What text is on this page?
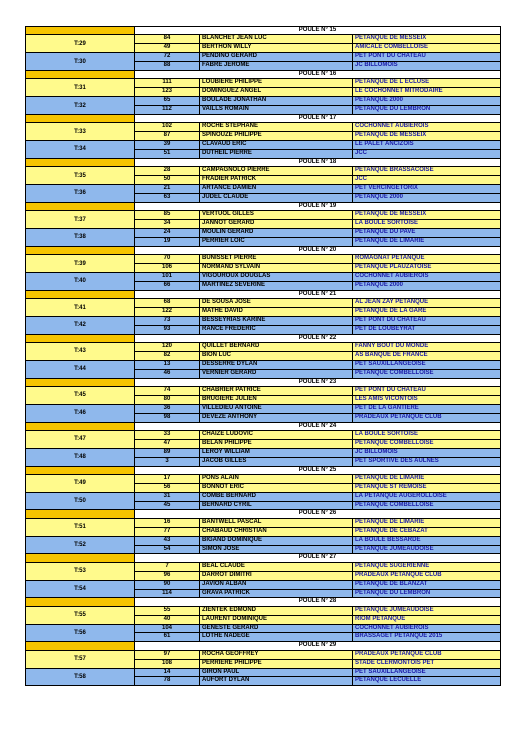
POULE N° 15
T:29
84	BLANCHET JEAN LUC	PETANQUE DE MESSEIX
49	BERTHON WILLY	AMICALE COMBELLOISE
T:30
72	PENDINO GERARD	PET PONT DU CHATEAU
88	FABRE JÉROME	JC BILLOMOIS
POULE N° 16
T:31
111	LOUBIERE PHILIPPE	PETANQUE DE L ECLUSE
123	DOMINGUEZ ANGEL	LE COCHONNET MITRODAIRE
T:32
65	BOULADE JONATHAN	PETANQUE 2000
112	VAILLS ROMAIN	PETANQUE DU LEMBRON
POULE N° 17
T:33
102	ROCHE STÉPHANE	COCHONNET AUBIEROIS
87	SPINOUZE PHILIPPE	PETANQUE DE MESSEIX
T:34
39	CLAVAUD ERIC	LE PALET ANCIZOIS
51	DUTHEIL PIERRE	JCC
POULE N° 18
T:35
28	CAMPAGNOLO PIERRE	PETANQUE BRASSACOISE
50	FRADIER PATRICK	JCC
T:36
21	ARTANCE DAMIEN	PET VERCINGETORIX
63	JUDEL CLAUDE	PETANQUE 2000
POULE N° 19
T:37
85	VERTUOL GILLES	PETANQUE DE MESSEIX
34	JANNOT GÉRARD	LA BOULE SORTOISE
T:38
24	MOULIN GÉRARD	PETANQUE DU PAVE
19	PERRIER LOÏC	PETANQUE DE LIMARIE
POULE N° 20
T:39
70	BUNISSET PIERRE	ROMAGNAT PETANQUE
106	NORMAND SYLVAIN	PETANQUE PLAUZATOISE
T:40
101	VIGOUROUX DOUGLAS	COCHONNET AUBIEROIS
66	MARTINEZ SÉVERINE	PETANQUE 2000
POULE N° 21
T:41
68	DE SOUSA JOSÉ	AL JEAN ZAY PETANQUE
122	MATHE DAVID	PETANQUE DE LA GARE
T:42
73	BESSEYRIAS KARINE	PET PONT DU CHATEAU
93	RANCE FRÉDERIC	PET DE LOUBEYRAT
POULE N° 22
T:43
120	QUILLET BERNARD	FANNY BOUT DU MONDE
82	BION LUC	AS BANQUE DE FRANCE
T:44
13	DESSERRE DYLAN	PET SAUXILLANGEOISE
46	VERNIER GÉRARD	PETANQUE COMBELLOISE
POULE N° 23
T:45
74	CHABRIER PATRICE	PET PONT DU CHATEAU
80	BRUGIERE JULIEN	LES AMIS VICONTOIS
T:46
36	VILLEDIEU ANTOINE	PET DE LA GANTIERE
98	DEVEZE ANTHONY	PRADEAUX PETANQUE CLUB
POULE N° 24
T:47
33	CHAIZE LUDOVIC	LA BOULE SORTOISE
47	BELAN PHILIPPE	PETANQUE COMBELLOISE
T:48
89	LEROY WILLIAM	JC BILLOMOIS
3	JACOB GILLES	PET SPORTIVE DES AULNES
POULE N° 25
T:49
17	PONS ALAIN	PETANQUE DE LIMARIE
56	BONNOT ERIC	PETANQUE ST REMOISE
T:50
31	COMBE BERNARD	LA PETANQUE AUGEROLLOISE
45	BERNARD CYRIL	PETANQUE COMBELLOISE
POULE N° 26
T:51
16	BANTWELL PASCAL	PETANQUE DE LIMARIE
77	CHABAUD CHRISTIAN	PETANQUE DE CEBAZAT
T:52
43	BIGAND DOMINIQUE	LA BOULE BESSARDE
54	SIMON JOSÉ	PETANQUE JUMEAUDOISE
POULE N° 27
T:53
7	BEAL CLAUDE	PETANQUE SUGERIENNE
96	DARROT DIMITRI	PRADEAUX PETANQUE CLUB
T:54
90	JAVION ALBAN	PETANQUE DE BLANZAT
114	GRAVA PATRICK	PETANQUE DU LEMBRON
POULE N° 28
T:55
55	ZIENTEK EDMOND	PETANQUE JUMEAUDOISE
40	LAURENT DOMINIQUE	RIOM PETANQUE
T:56
104	GENESTE GÉRARD	COCHONNET AUBIEROIS
61	LOTHE NADEGE	BRASSAGET PETANQUE 2015
POULE N° 29
T:57
97	ROCHA GEOFFREY	PRADEAUX PETANQUE CLUB
108	PERRIERE PHILIPPE	STADE CLERMONTOIS PET
T:58
14	GIRON PAUL	PET SAUXILLANGEOISE
78	AUFORT DYLAN	PETANQUE LECUELLE
